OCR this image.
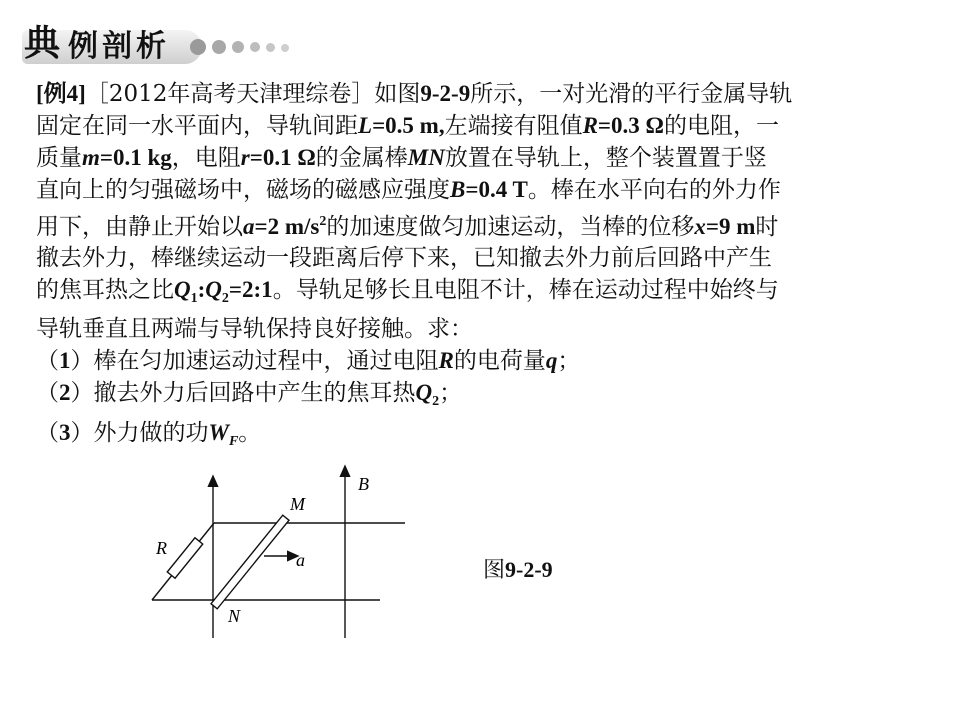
典 例 剖 析

[例4]［2012年高考天津理综卷］如图9-2-9所示，一对光滑的平行金属导轨

固定在同一水平面内，导轨间距L=0.5 m,左端接有阻值R=0.3 Ω的电阻，一

质量m=0.1 kg，电阻r=0.1 Ω的金属棒MN放置在导轨上，整个装置置于竖

直向上的匀强磁场中，磁场的磁感应强度B=0.4 T。棒在水平向右的外力作

用下，由静止开始以a=2 $m/s^2$的加速度做匀加速运动，当棒的位移x=9 m时

撤去外力，棒继续运动一段距离后停下来，已知撤去外力前后回路中产生

的焦耳热之比$Q_1:Q_2=2:1$。导轨足够长且电阻不计，棒在运动过程中始终与

导轨垂直且两端与导轨保持良好接触。求：

（1）棒在匀加速运动过程中，通过电阻R的电荷量q；

（2）撤去外力后回路中产生的焦耳热$Q_2$；

（3）外力做的功$W_F$。

B
M
R
a
N
图9-2-9
